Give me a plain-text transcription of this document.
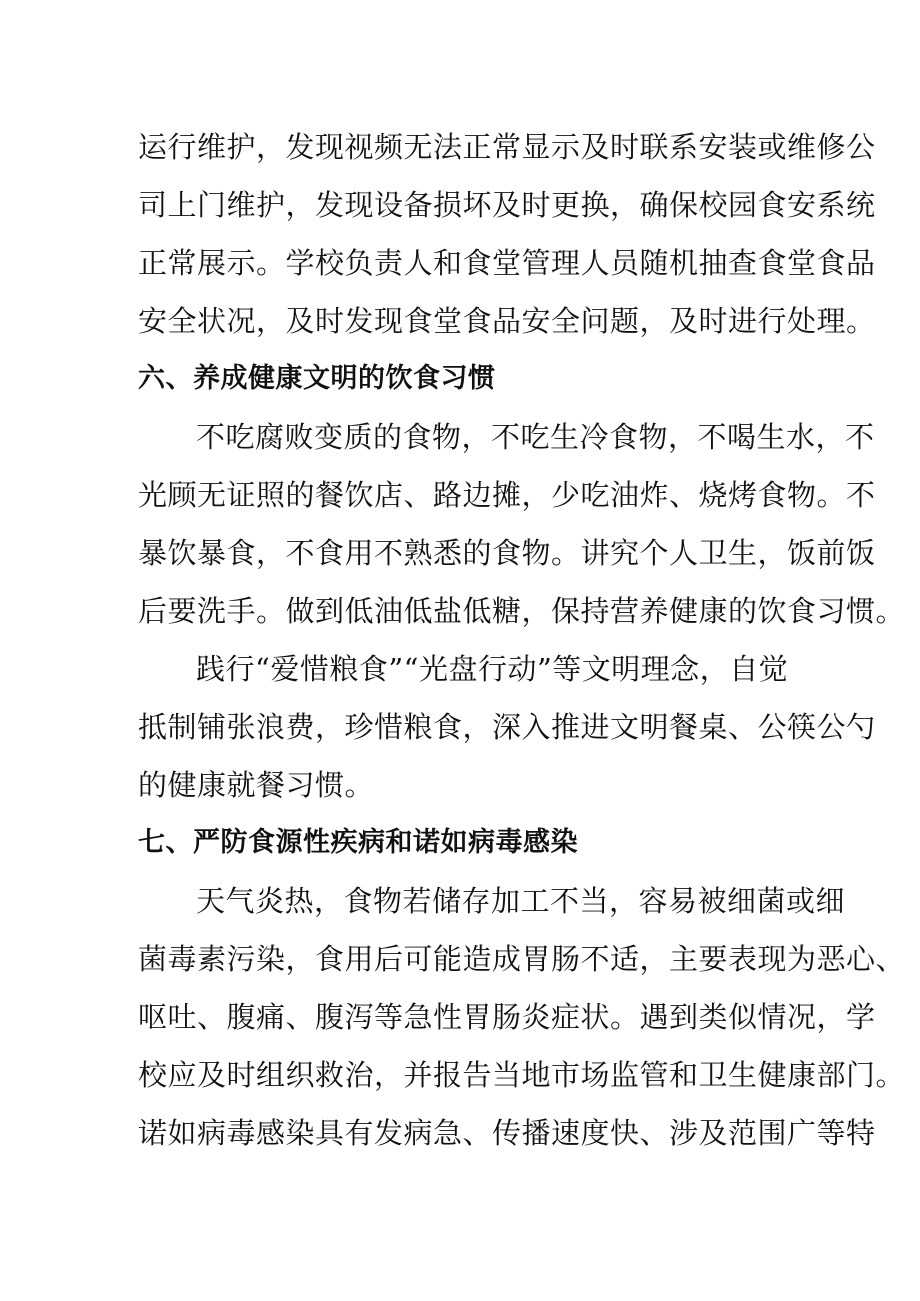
运行维护，发现视频无法正常显示及时联系安装或维修公
司上门维护，发现设备损坏及时更换，确保校园食安系统
正常展示。学校负责人和食堂管理人员随机抽查食堂食品
安全状况，及时发现食堂食品安全问题，及时进行处理。
六、养成健康文明的饮食习惯
不吃腐败变质的食物，不吃生冷食物，不喝生水，不
光顾无证照的餐饮店、路边摊，少吃油炸、烧烤食物。不
暴饮暴食，不食用不熟悉的食物。讲究个人卫生，饭前饭
后要洗手。做到低油低盐低糖，保持营养健康的饮食习惯。
践行“爱惜粮食”“光盘行动”等文明理念，自觉
抵制铺张浪费，珍惜粮食，深入推进文明餐桌、公筷公勺
的健康就餐习惯。
七、严防食源性疾病和诺如病毒感染
天气炎热，食物若储存加工不当，容易被细菌或细
菌毒素污染，食用后可能造成胃肠不适，主要表现为恶心、
呕吐、腹痛、腹泻等急性胃肠炎症状。遇到类似情况，学
校应及时组织救治，并报告当地市场监管和卫生健康部门。
诺如病毒感染具有发病急、传播速度快、涉及范围广等特
